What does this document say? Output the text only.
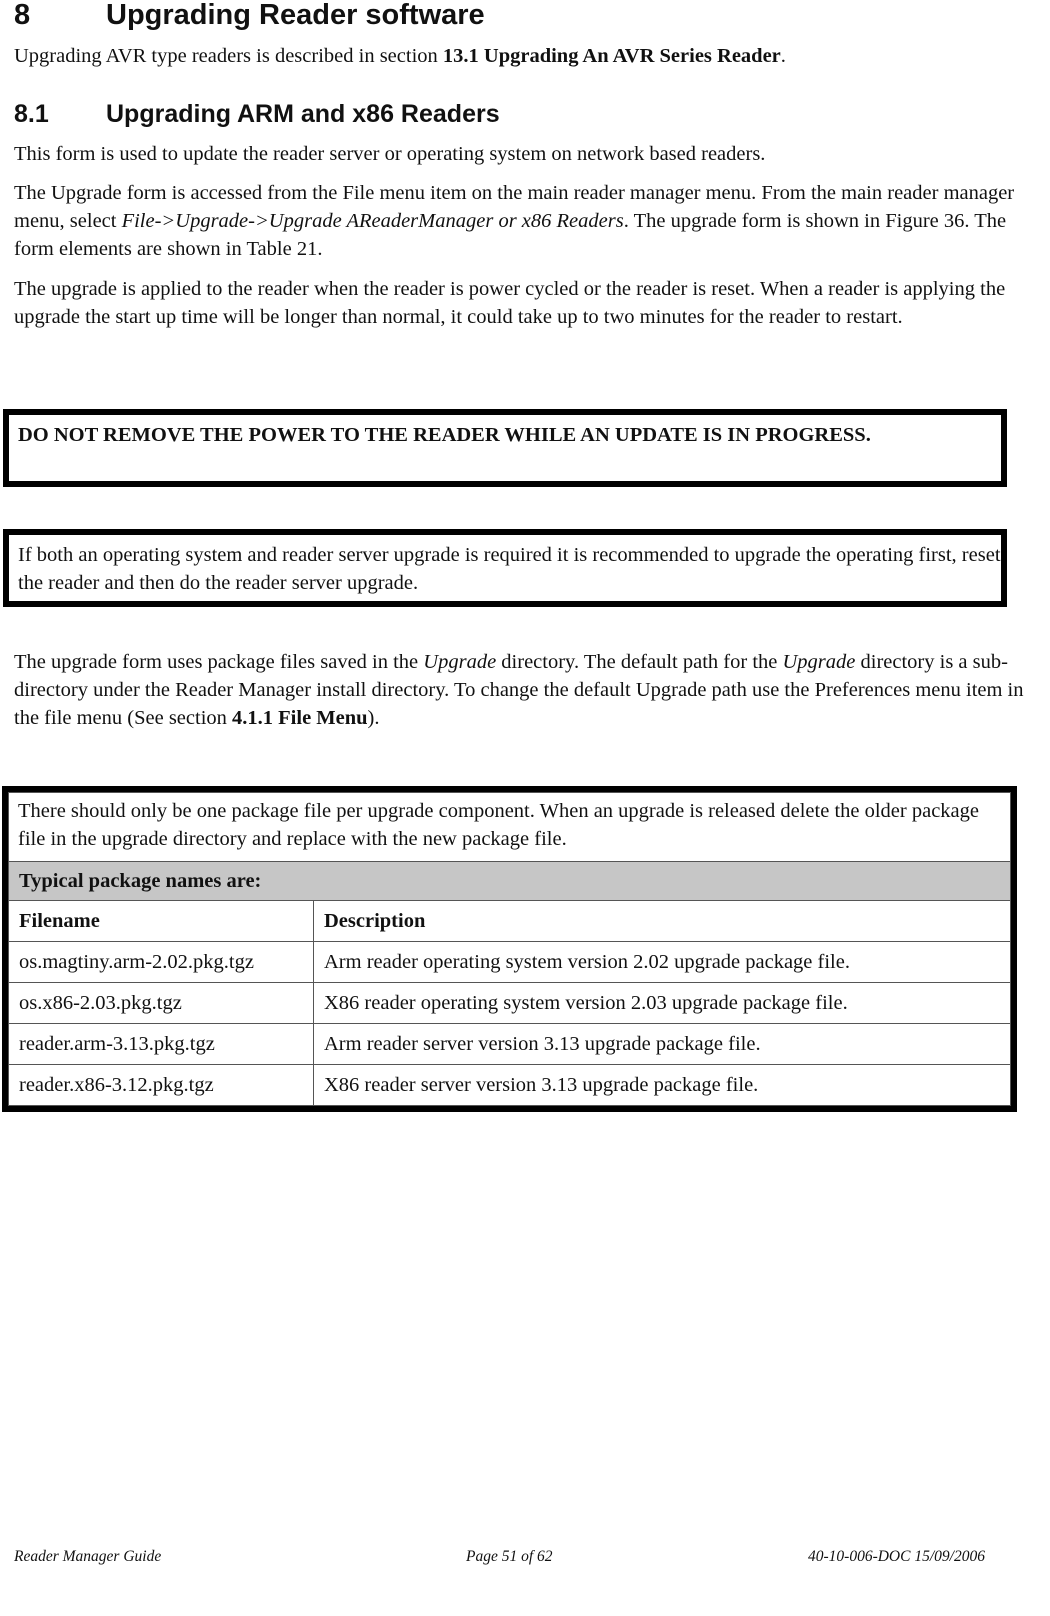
8	Upgrading Reader software

Upgrading AVR type readers is described in section 13.1 Upgrading An AVR Series Reader.

8.1 Upgrading ARM and x86 Readers

This form is used to update the reader server or operating system on network based readers.

The Upgrade form is accessed from the File menu item on the main reader manager menu. From the main reader manager menu, select File->Upgrade->Upgrade AReaderManager or x86 Readers. The upgrade form is shown in Figure 36. The form elements are shown in Table 21.

The upgrade is applied to the reader when the reader is power cycled or the reader is reset. When a reader is applying the upgrade the start up time will be longer than normal, it could take up to two minutes for the reader to restart.

DO NOT REMOVE THE POWER TO THE READER WHILE AN UPDATE IS IN PROGRESS.
If both an operating system and reader server upgrade is required it is recommended to upgrade the operating first, reset the reader and then do the reader server upgrade.

The upgrade form uses package files saved in the Upgrade directory. The default path for the Upgrade directory is a sub-directory under the Reader Manager install directory. To change the default Upgrade path use the Preferences menu item in the file menu (See section 4.1.1 File Menu).

There should only be one package file per upgrade component. When an upgrade is released delete the older package file in the upgrade directory and replace with the new package file.	
Typical package names are:	
Filename	Description
os.magtiny.arm-2.02.pkg.tgz	Arm reader operating system version 2.02 upgrade package file.
os.x86-2.03.pkg.tgz	X86 reader operating system version 2.03 upgrade package file.
reader.arm-3.13.pkg.tgz	Arm reader server version 3.13 upgrade package file.
reader.x86-3.12.pkg.tgz	X86 reader server version 3.13 upgrade package file.
Reader Manager Guide	Page 51 of 62	40-10-006-DOC 15/09/2006
